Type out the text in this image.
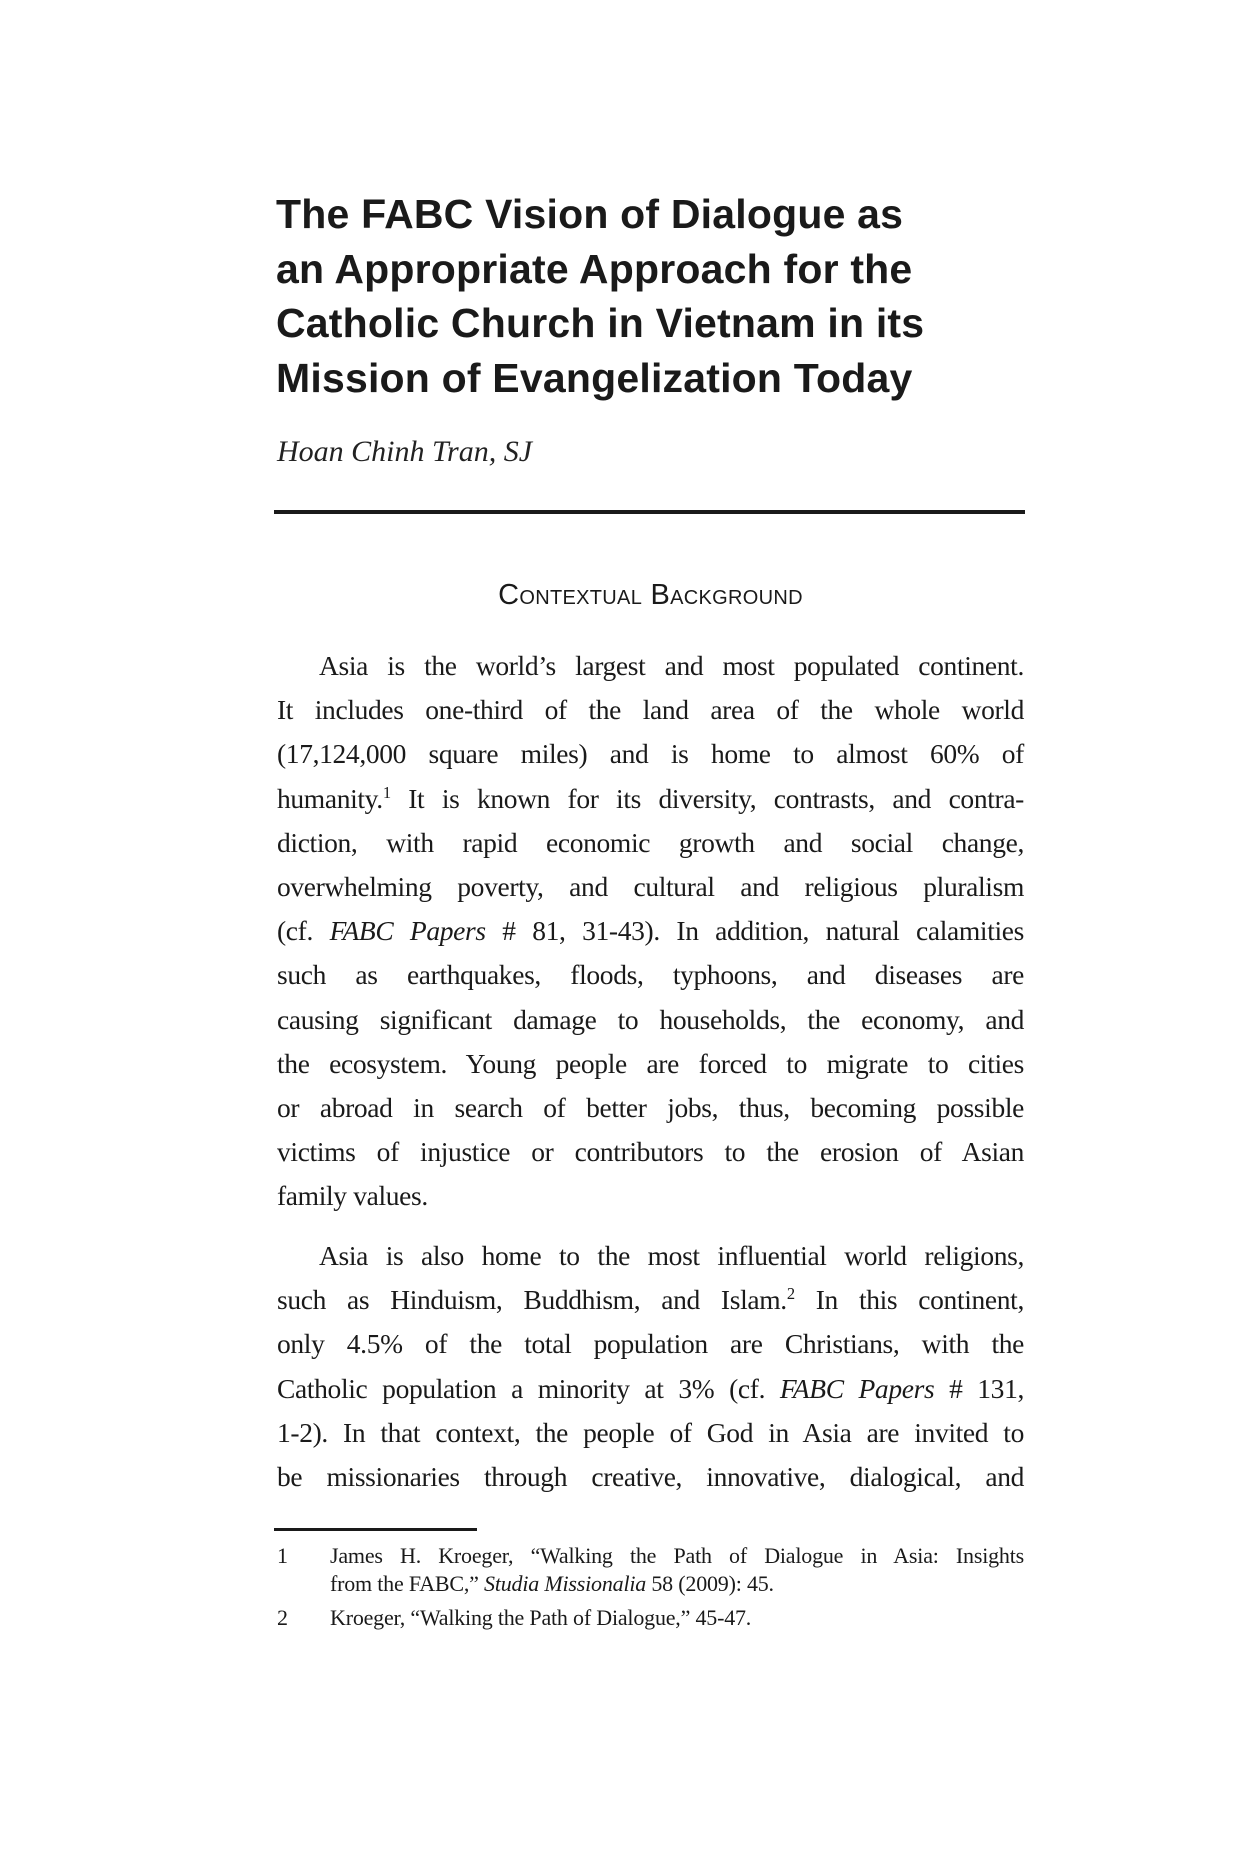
The FABC Vision of Dialogue as
an Appropriate Approach for the
Catholic Church in Vietnam in its
Mission of Evangelization Today
Hoan Chinh Tran, SJ
Contextual Background
Asia is the world’s largest and most populated continent.
It includes one-third of the land area of the whole world
(17,124,000 square miles) and is home to almost 60% of
humanity.$^1$ It is known for its diversity, contrasts, and contra-
diction, with rapid economic growth and social change,
overwhelming poverty, and cultural and religious pluralism
(cf. FABC Papers # 81, 31-43). In addition, natural calamities
such as earthquakes, floods, typhoons, and diseases are
causing significant damage to households, the economy, and
the ecosystem. Young people are forced to migrate to cities
or abroad in search of better jobs, thus, becoming possible
victims of injustice or contributors to the erosion of Asian
family values.
Asia is also home to the most influential world religions,
such as Hinduism, Buddhism, and Islam.$^2$ In this continent,
only 4.5% of the total population are Christians, with the
Catholic population a minority at 3% (cf. FABC Papers # 131,
1-2). In that context, the people of God in Asia are invited to
be missionaries through creative, innovative, dialogical, and
1 James H. Kroeger, “Walking the Path of Dialogue in Asia: Insights
from the FABC,” Studia Missionalia 58 (2009): 45.
2 Kroeger, “Walking the Path of Dialogue,” 45-47.
